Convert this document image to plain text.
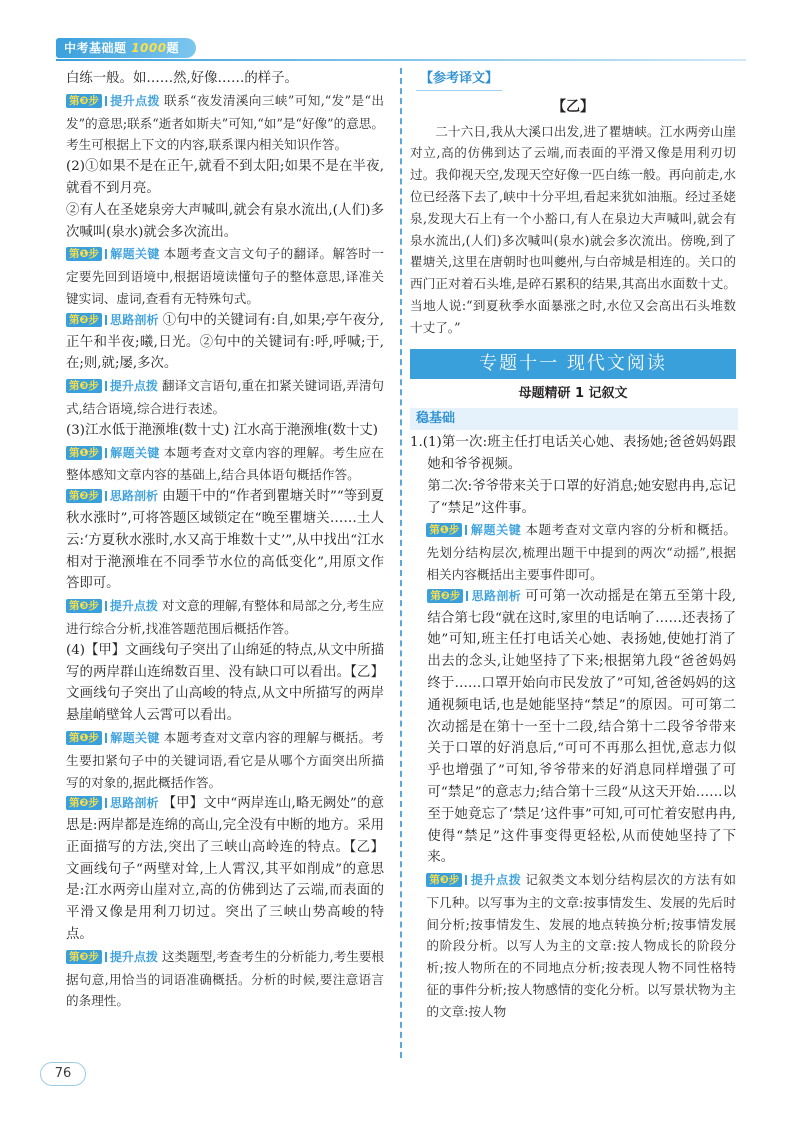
中考基础题 1000题

白练一般。如……然,好像……的样子。

第❸步 提升点拨 联系“夜发清溪向三峡”可知,“发”是“出发”的意思;联系“逝者如斯夫”可知,“如”是“好像”的意思。考生可根据上下文的内容,联系课内相关知识作答。

(2)①如果不是在正午,就看不到太阳;如果不是在半夜,就看不到月亮。

②有人在圣姥泉旁大声喊叫,就会有泉水流出,(人们)多次喊叫(泉水)就会多次流出。

第❶步 解题关键 本题考查文言文句子的翻译。解答时一定要先回到语境中,根据语境读懂句子的整体意思,译准关键实词、虚词,查看有无特殊句式。

第❷步 思路剖析 ①句中的关键词有:自,如果;亭午夜分,正午和半夜;曦,日光。②句中的关键词有:呼,呼喊;于,在;则,就;屡,多次。

第❸步 提升点拨 翻译文言语句,重在扣紧关键词语,弄清句式,结合语境,综合进行表述。

(3)江水低于滟滪堆(数十丈) 江水高于滟滪堆(数十丈)

第❶步 解题关键 本题考查对文章内容的理解。考生应在整体感知文章内容的基础上,结合具体语句概括作答。

第❷步 思路剖析 由题干中的“作者到瞿塘关时”“等到夏秋水涨时”,可将答题区域锁定在“晚至瞿塘关……土人云:‘方夏秋水涨时,水又高于堆数十丈’”,从中找出“江水相对于滟滪堆在不同季节水位的高低变化”,用原文作答即可。

第❸步 提升点拨 对文意的理解,有整体和局部之分,考生应进行综合分析,找准答题范围后概括作答。

(4)【甲】文画线句子突出了山绵延的特点,从文中所描写的两岸群山连绵数百里、没有缺口可以看出。【乙】文画线句子突出了山高峻的特点,从文中所描写的两岸悬崖峭壁耸人云霄可以看出。

第❶步 解题关键 本题考查对文章内容的理解与概括。考生要扣紧句子中的关键词语,看它是从哪个方面突出所描写的对象的,据此概括作答。

第❷步 思路剖析 【甲】文中“两岸连山,略无阙处”的意思是:两岸都是连绵的高山,完全没有中断的地方。采用正面描写的方法,突出了三峡山高岭连的特点。【乙】文画线句子“两壁对耸,上人霄汉,其平如削成”的意思是:江水两旁山崖对立,高的仿佛到达了云端,而表面的平滑又像是用利刀切过。突出了三峡山势高峻的特点。

第❸步 提升点拨 这类题型,考查考生的分析能力,考生要根据句意,用恰当的词语准确概括。分析的时候,要注意语言的条理性。

【参考译文】

【乙】

二十六日,我从大溪口出发,进了瞿塘峡。江水两旁山崖对立,高的仿佛到达了云端,而表面的平滑又像是用利刃切过。我仰视天空,发现天空好像一匹白练一般。再向前走,水位已经落下去了,峡中十分平坦,看起来犹如油瓶。经过圣姥泉,发现大石上有一个小豁口,有人在泉边大声喊叫,就会有泉水流出,(人们)多次喊叫(泉水)就会多次流出。傍晚,到了瞿塘关,这里在唐朝时也叫夔州,与白帝城是相连的。关口的西门正对着石头堆,是碎石累积的结果,其高出水面数十丈。当地人说:“到夏秋季水面暴涨之时,水位又会高出石头堆数十丈了。”

专题十一 现代文阅读

母题精研 1 记叙文

稳基础

1.(1)第一次:班主任打电话关心她、表扬她;爸爸妈妈跟她和爷爷视频。

第二次:爷爷带来关于口罩的好消息;她安慰冉冉,忘记了“禁足”这件事。

第❶步 解题关键 本题考查对文章内容的分析和概括。先划分结构层次,梳理出题干中提到的两次“动摇”,根据相关内容概括出主要事件即可。

第❷步 思路剖析 可可第一次动摇是在第五至第十段,结合第七段“就在这时,家里的电话响了……还表扬了她”可知,班主任打电话关心她、表扬她,使她打消了出去的念头,让她坚持了下来;根据第九段“爸爸妈妈终于……口罩开始向市民发放了”可知,爸爸妈妈的这通视频电话,也是她能坚持“禁足”的原因。可可第二次动摇是在第十一至十二段,结合第十二段爷爷带来关于口罩的好消息后,“可可不再那么担忧,意志力似乎也增强了”可知,爷爷带来的好消息同样增强了可可“禁足”的意志力;结合第十三段“从这天开始……以至于她竟忘了‘禁足’这件事”可知,可可忙着安慰冉冉,使得“禁足”这件事变得更轻松,从而使她坚持了下来。

第❸步 提升点拨 记叙类文本划分结构层次的方法有如下几种。以写事为主的文章:按事情发生、发展的先后时间分析;按事情发生、发展的地点转换分析;按事情发展的阶段分析。以写人为主的文章:按人物成长的阶段分析;按人物所在的不同地点分析;按表现人物不同性格特征的事件分析;按人物感情的变化分析。以写景状物为主的文章:按人物

76
